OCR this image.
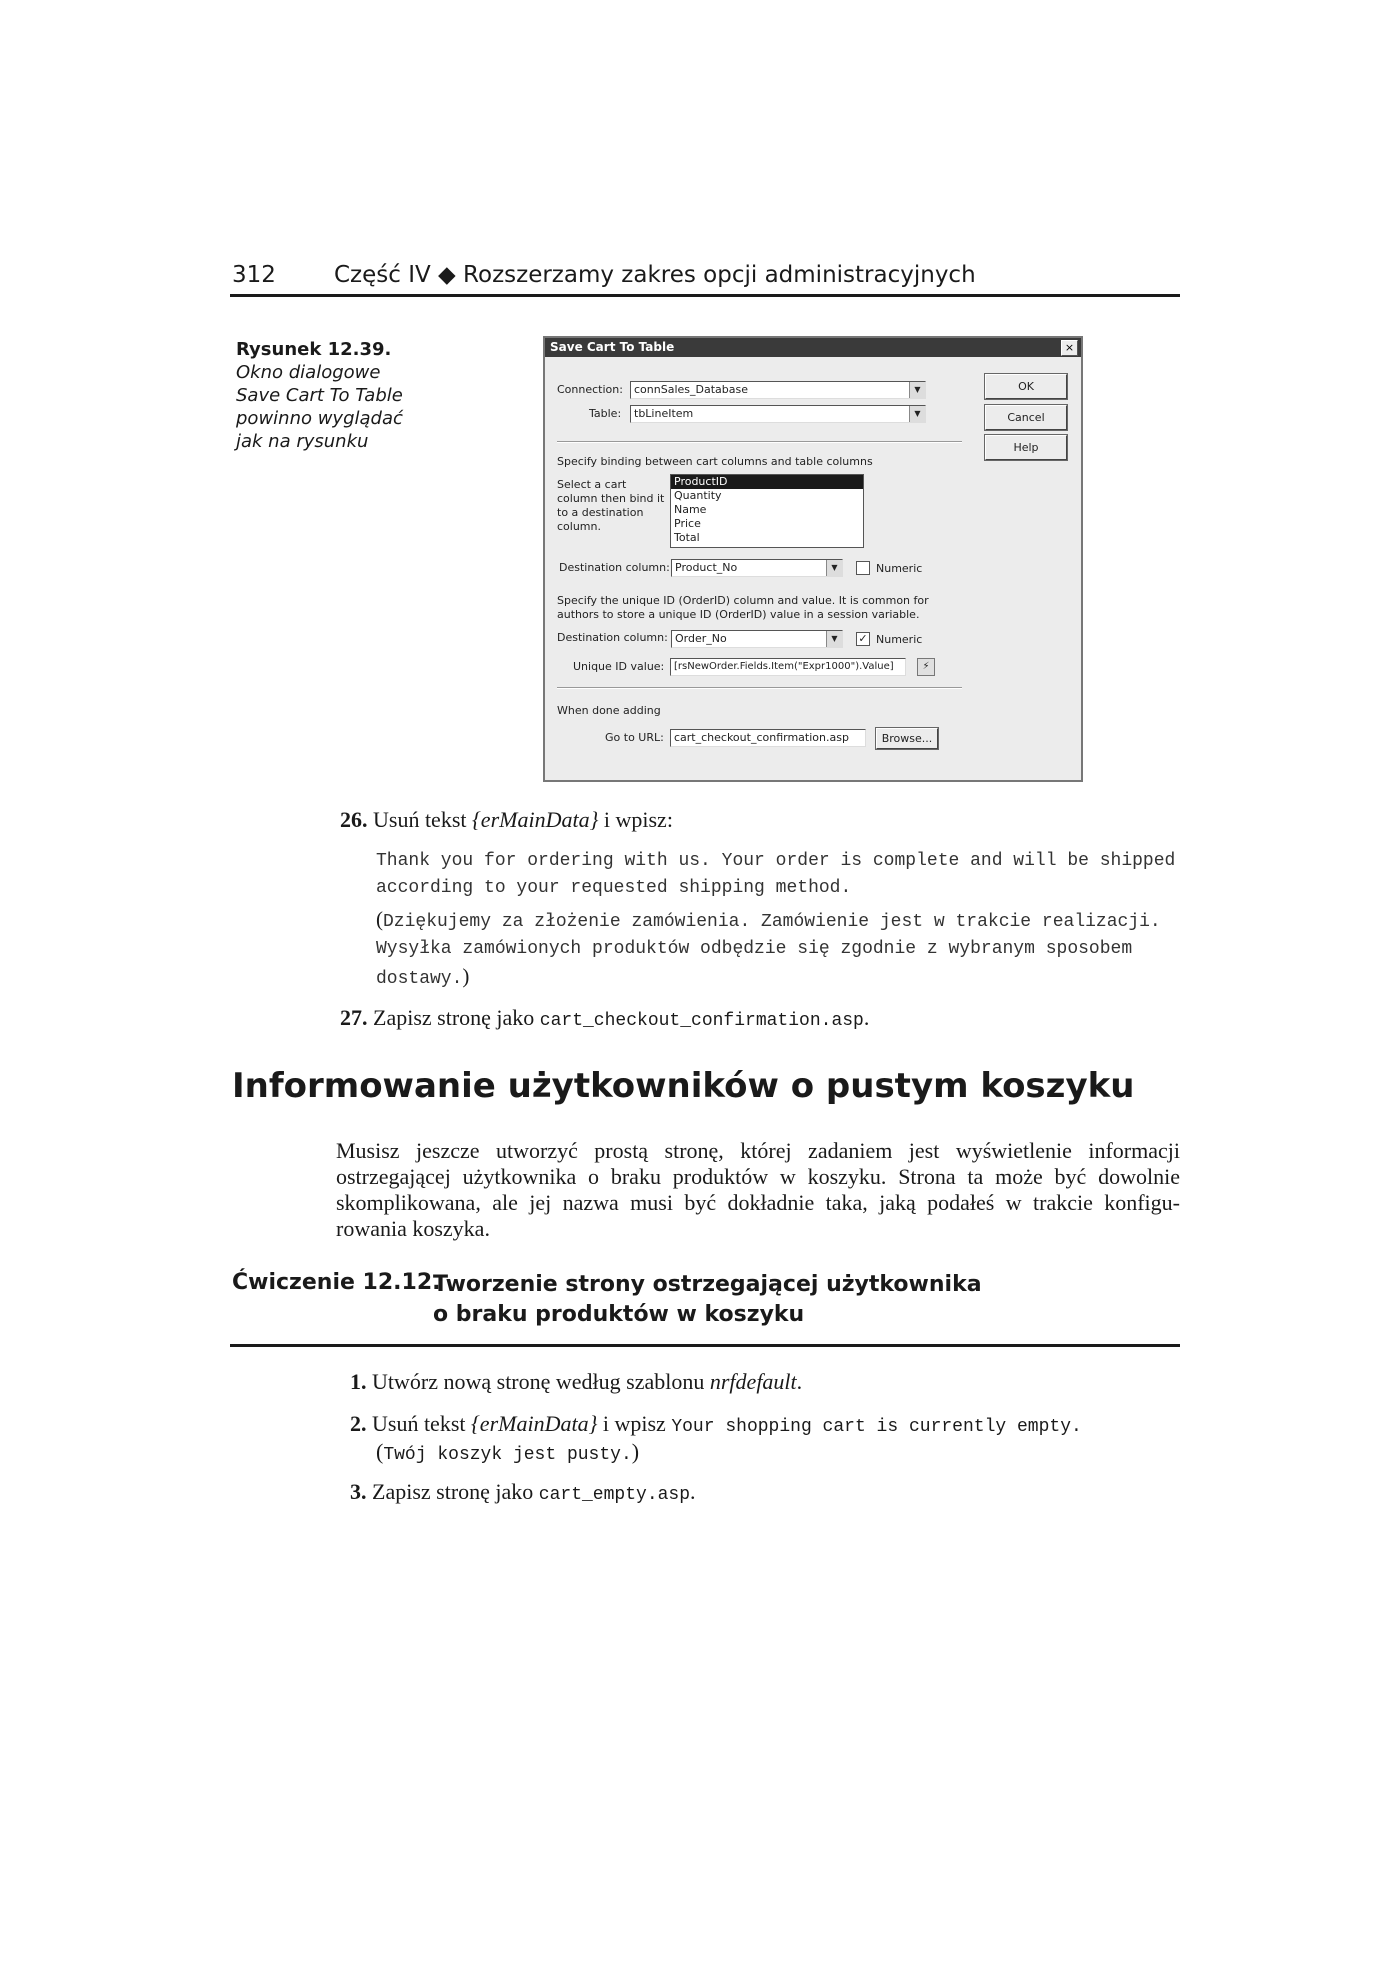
312	Część IV ◆ Rozszerzamy zakres opcji administracyjnych
Rysunek 12.39.
Okno dialogowe
Save Cart To Table
powinno wyglądać
jak na rysunku
Save Cart To Table	×
Connection:	connSales_Database	▼
Table:	tbLineItem	▼
OK
Cancel
Help
Specify binding between cart columns and table columns
Select a cart
column then bind it
to a destination
column.
ProductID
Quantity
Name
Price
Total
Destination column: Product_No	▼	Numeric
Specify the unique ID (OrderID) column and value. It is common for
authors to store a unique ID (OrderID) value in a session variable.
Destination column: Order_No	▼	✓ Numeric
Unique ID value: [rsNewOrder.Fields.Item("Expr1000").Value]	⚡
When done adding
Go to URL: cart_checkout_confirmation.asp	Browse...
26. Usuń tekst {erMainData} i wpisz:
Thank you for ordering with us. Your order is complete and will be shipped
according to your requested shipping method.
(Dziękujemy za złożenie zamówienia. Zamówienie jest w trakcie realizacji.
Wysyłka zamówionych produktów odbędzie się zgodnie z wybranym sposobem
dostawy.)
27. Zapisz stronę jako cart_checkout_confirmation.asp.
Informowanie użytkowników o pustym koszyku
Musisz jeszcze utworzyć prostą stronę, której zadaniem jest wyświetlenie informacji ostrzegającej użytkownika o braku produktów w koszyku. Strona ta może być dowolnie skomplikowana, ale jej nazwa musi być dokładnie taka, jaką podałeś w trakcie konfigu-rowania koszyka.
Ćwiczenie 12.12.
Tworzenie strony ostrzegającej użytkownika
o braku produktów w koszyku
1. Utwórz nową stronę według szablonu nrfdefault.
2. Usuń tekst {erMainData} i wpisz Your shopping cart is currently empty.
(Twój koszyk jest pusty.)
3. Zapisz stronę jako cart_empty.asp.
